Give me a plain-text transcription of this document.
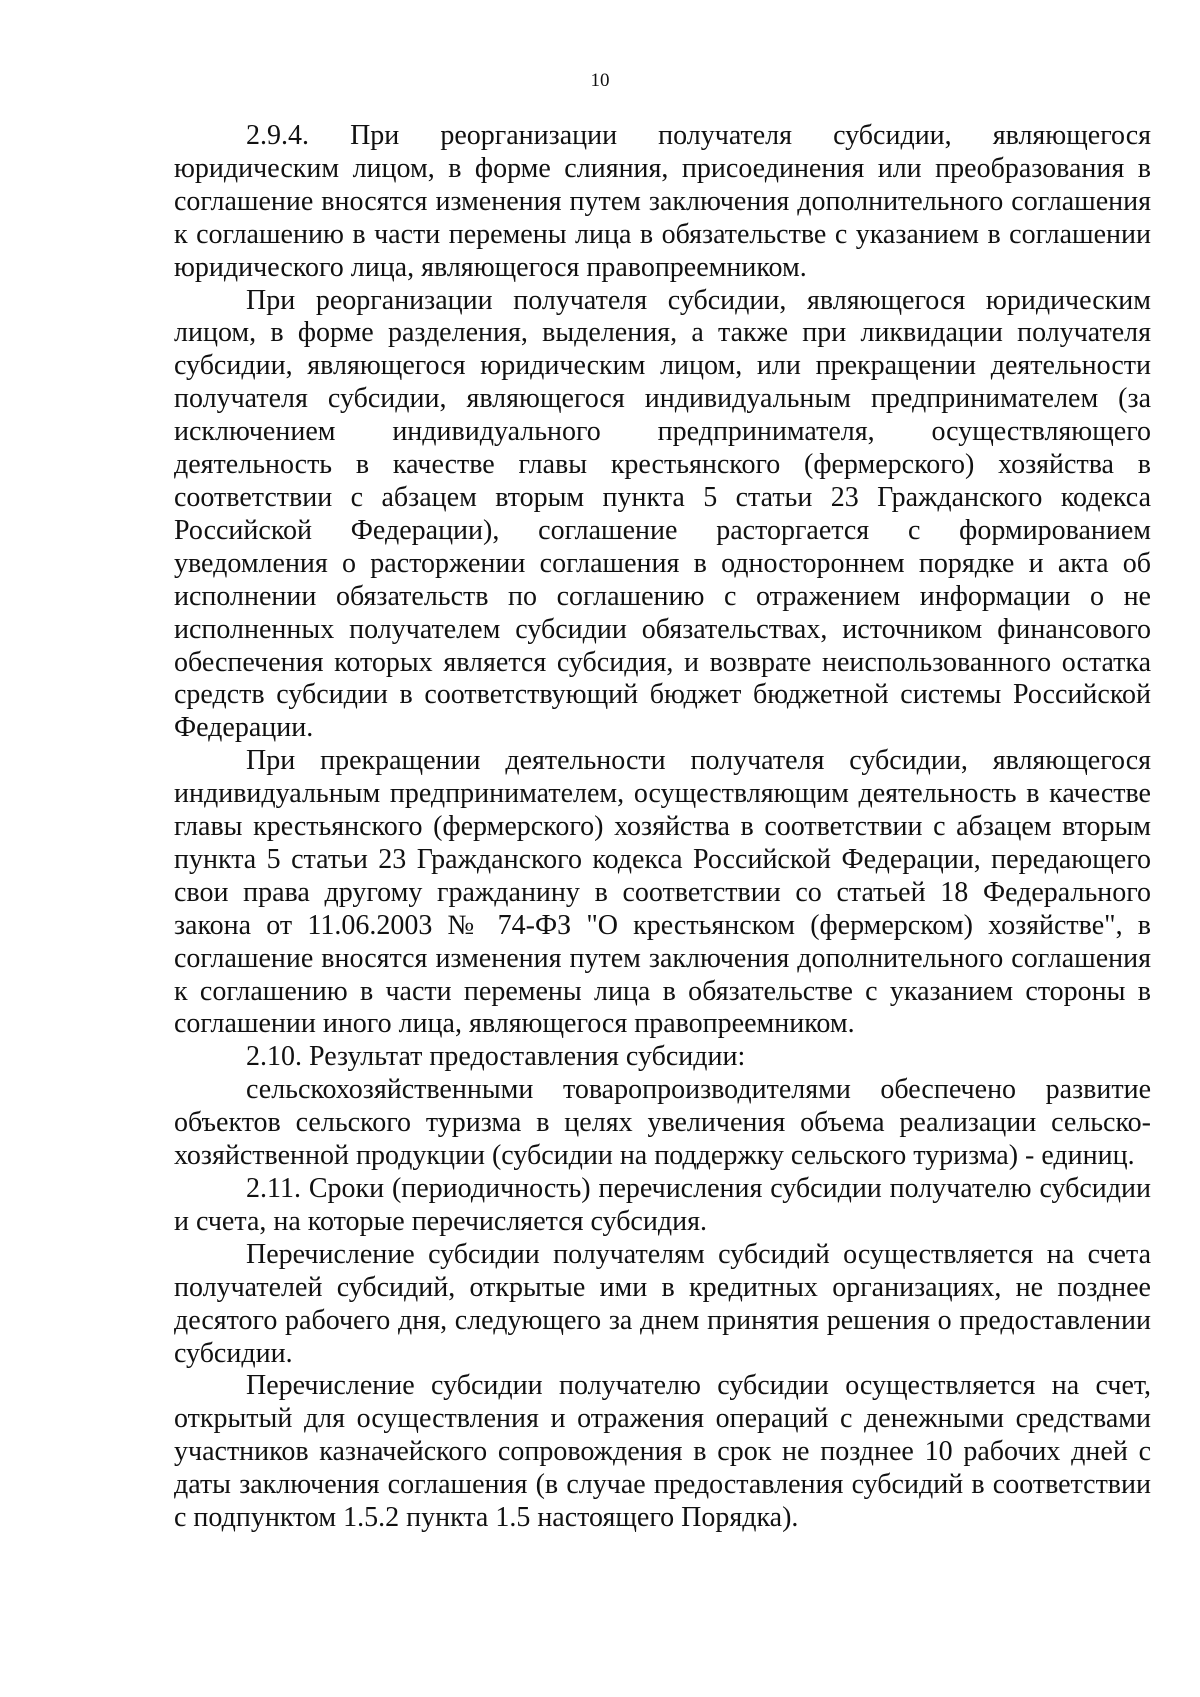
10

2.9.4. При реорганизации получателя субсидии, являющегося юридическим лицом, в форме слияния, присоединения или преобразования в соглашение вносятся изменения путем заключения дополнительного соглашения к соглашению в части перемены лица в обязательстве с указанием в соглашении юридического лица, являющегося правопреемником.

При реорганизации получателя субсидии, являющегося юридическим лицом, в форме разделения, выделения, а также при ликвидации получателя субсидии, являющегося юридическим лицом, или прекращении деятельности получателя субсидии, являющегося индивидуальным предпринимателем (за исключением индивидуального предпринимателя, осуществляющего деятельность в качестве главы крестьянского (фермерского) хозяйства в соответствии с абзацем вторым пункта 5 статьи 23 Гражданского кодекса Российской Федерации), соглашение расторгается с формированием уведомления о расторжении соглашения в одностороннем порядке и акта об исполнении обязательств по соглашению с отражением информации о не исполненных получателем субсидии обязательствах, источником финансового обеспечения которых является субсидия, и возврате неиспользованного остатка средств субсидии в соответствующий бюджет бюджетной системы Российской Федерации.

При прекращении деятельности получателя субсидии, являющегося индивидуальным предпринимателем, осуществляющим деятельность в качестве главы крестьянского (фермерского) хозяйства в соответствии с абзацем вторым пункта 5 статьи 23 Гражданского кодекса Российской Федерации, передающего свои права другому гражданину в соответствии со статьей 18 Федерального закона от 11.06.2003 № 74-ФЗ "О крестьянском (фермерском) хозяйстве", в соглашение вносятся изменения путем заключения дополнительного соглашения к соглашению в части перемены лица в обязательстве с указанием стороны в соглашении иного лица, являющегося правопреемником.

2.10. Результат предоставления субсидии:

сельскохозяйственными товаропроизводителями обеспечено развитие объектов сельского туризма в целях увеличения объема реализации сельско-хозяйственной продукции (субсидии на поддержку сельского туризма) - единиц.

2.11. Сроки (периодичность) перечисления субсидии получателю субсидии и счета, на которые перечисляется субсидия.

Перечисление субсидии получателям субсидий осуществляется на счета получателей субсидий, открытые ими в кредитных организациях, не позднее десятого рабочего дня, следующего за днем принятия решения о предоставлении субсидии.

Перечисление субсидии получателю субсидии осуществляется на счет, открытый для осуществления и отражения операций с денежными средствами участников казначейского сопровождения в срок не позднее 10 рабочих дней с даты заключения соглашения (в случае предоставления субсидий в соответствии с подпунктом 1.5.2 пункта 1.5 настоящего Порядка).
